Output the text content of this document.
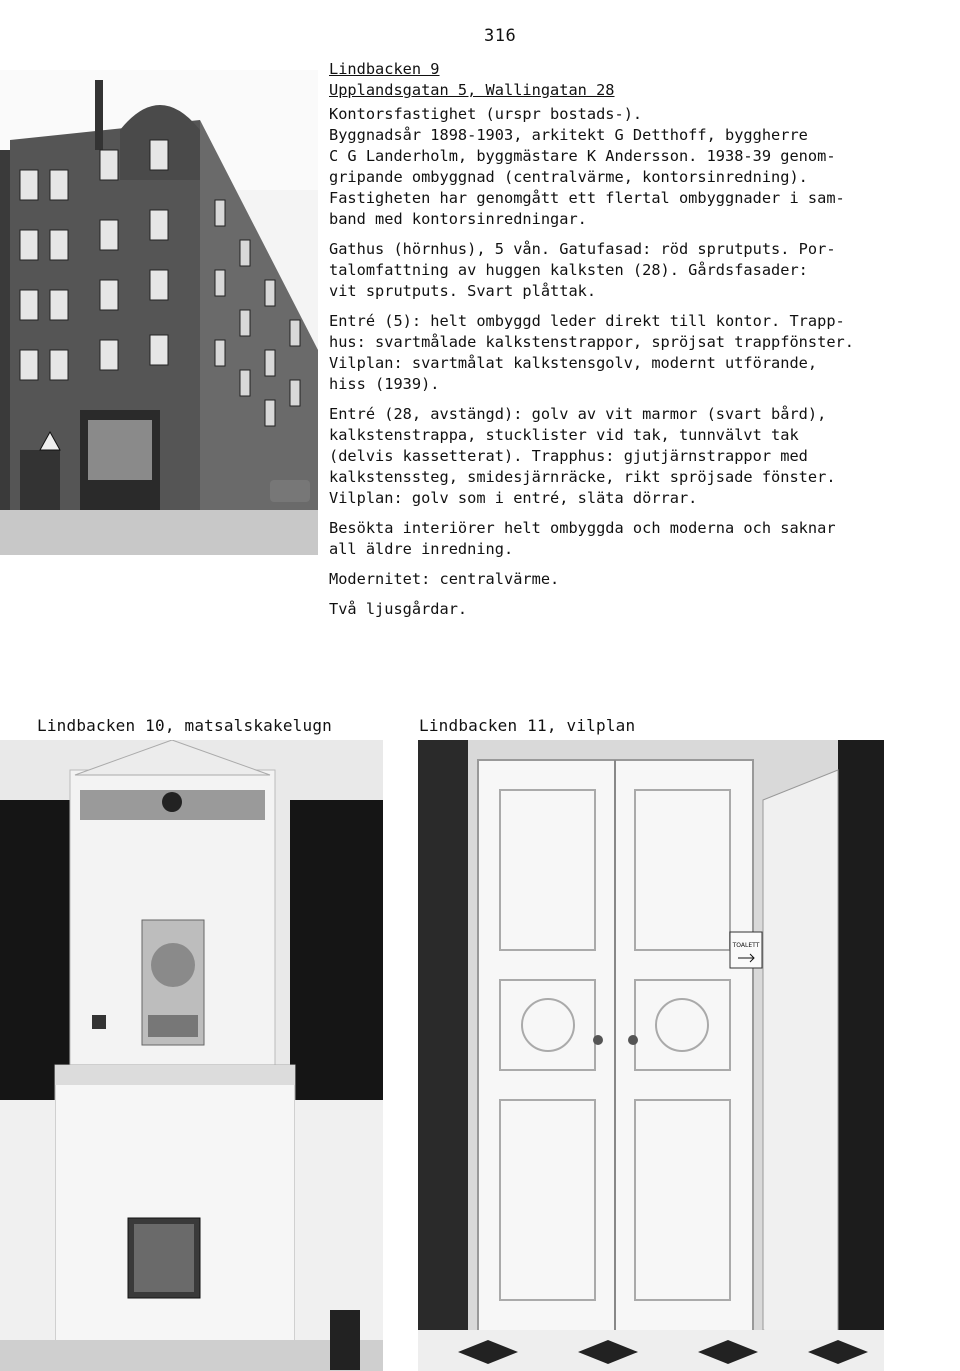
316
Lindbacken 9
Upplandsgatan 5, Wallingatan 28

Kontorsfastighet (urspr bostads-).
Byggnadsår 1898-1903, arkitekt G Detthoff, byggherre
C G Landerholm, byggmästare K Andersson. 1938-39 genom-
gripande ombyggnad (centralvärme, kontorsinredning).
Fastigheten har genomgått ett flertal ombyggnader i sam-
band med kontorsinredningar.

Gathus (hörnhus), 5 vån. Gatufasad: röd sprutputs. Por-
talomfattning av huggen kalksten (28). Gårdsfasader:
vit sprutputs. Svart plåttak.

Entré (5): helt ombyggd leder direkt till kontor. Trapp-
hus: svartmålade kalkstenstrappor, spröjsat trappfönster.
Vilplan: svartmålat kalkstensgolv, modernt utförande,
hiss (1939).

Entré (28, avstängd): golv av vit marmor (svart bård),
kalkstenstrappa, stucklister vid tak, tunnvälvt tak
(delvis kassetterat). Trapphus: gjutjärnstrappor med
kalkstenssteg, smidesjärnräcke, rikt spröjsade fönster.
Vilplan: golv som i entré, släta dörrar.

Besökta interiörer helt ombyggda och moderna och saknar
all äldre inredning.

Modernitet: centralvärme.

Två ljusgårdar.

Lindbacken 10, matsalskakelugn	Lindbacken 11, vilplan
TOALETT
